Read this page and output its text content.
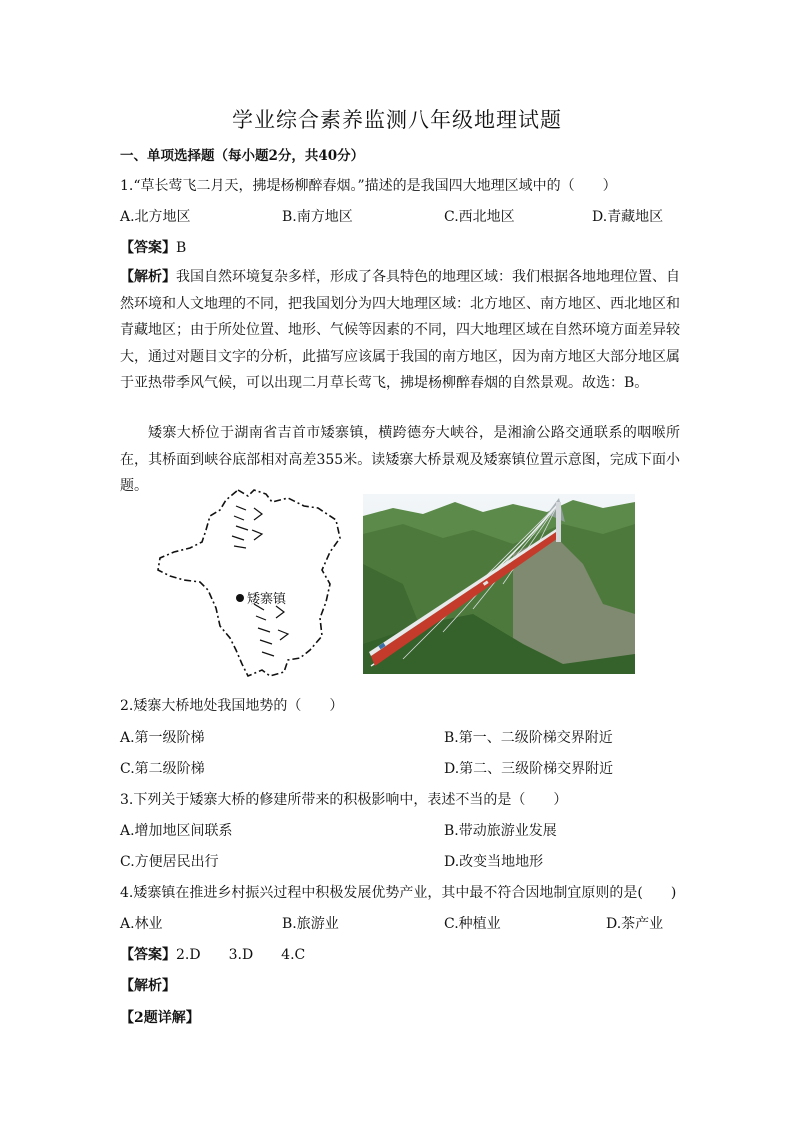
学业综合素养监测八年级地理试题
一、单项选择题（每小题2分，共40分）
1.“草长莺飞二月天，拂堤杨柳醉春烟。”描述的是我国四大地理区域中的（　　）
A.北方地区	B.南方地区	C.西北地区	D.青藏地区
【答案】B
【解析】我国自然环境复杂多样，形成了各具特色的地理区域：我们根据各地地理位置、自然环境和人文地理的不同，把我国划分为四大地理区域：北方地区、南方地区、西北地区和青藏地区；由于所处位置、地形、气候等因素的不同，四大地理区域在自然环境方面差异较大，通过对题目文字的分析，此描写应该属于我国的南方地区，因为南方地区大部分地区属于亚热带季风气候，可以出现二月草长莺飞，拂堤杨柳醉春烟的自然景观。故选：B。
矮寨大桥位于湖南省吉首市矮寨镇，横跨德夯大峡谷，是湘渝公路交通联系的咽喉所在，其桥面到峡谷底部相对高差355米。读矮寨大桥景观及矮寨镇位置示意图，完成下面小题。
矮寨镇
2.矮寨大桥地处我国地势的（　　）
A.第一级阶梯	B.第一、二级阶梯交界附近
C.第二级阶梯	D.第二、三级阶梯交界附近
3.下列关于矮寨大桥的修建所带来的积极影响中，表述不当的是（　　）
A.增加地区间联系	B.带动旅游业发展
C.方便居民出行	D.改变当地地形
4.矮寨镇在推进乡村振兴过程中积极发展优势产业，其中最不符合因地制宜原则的是(　　)
A.林业	B.旅游业	C.种植业	D.茶产业
【答案】2.D　　3.D　　4.C
【解析】
【2题详解】
